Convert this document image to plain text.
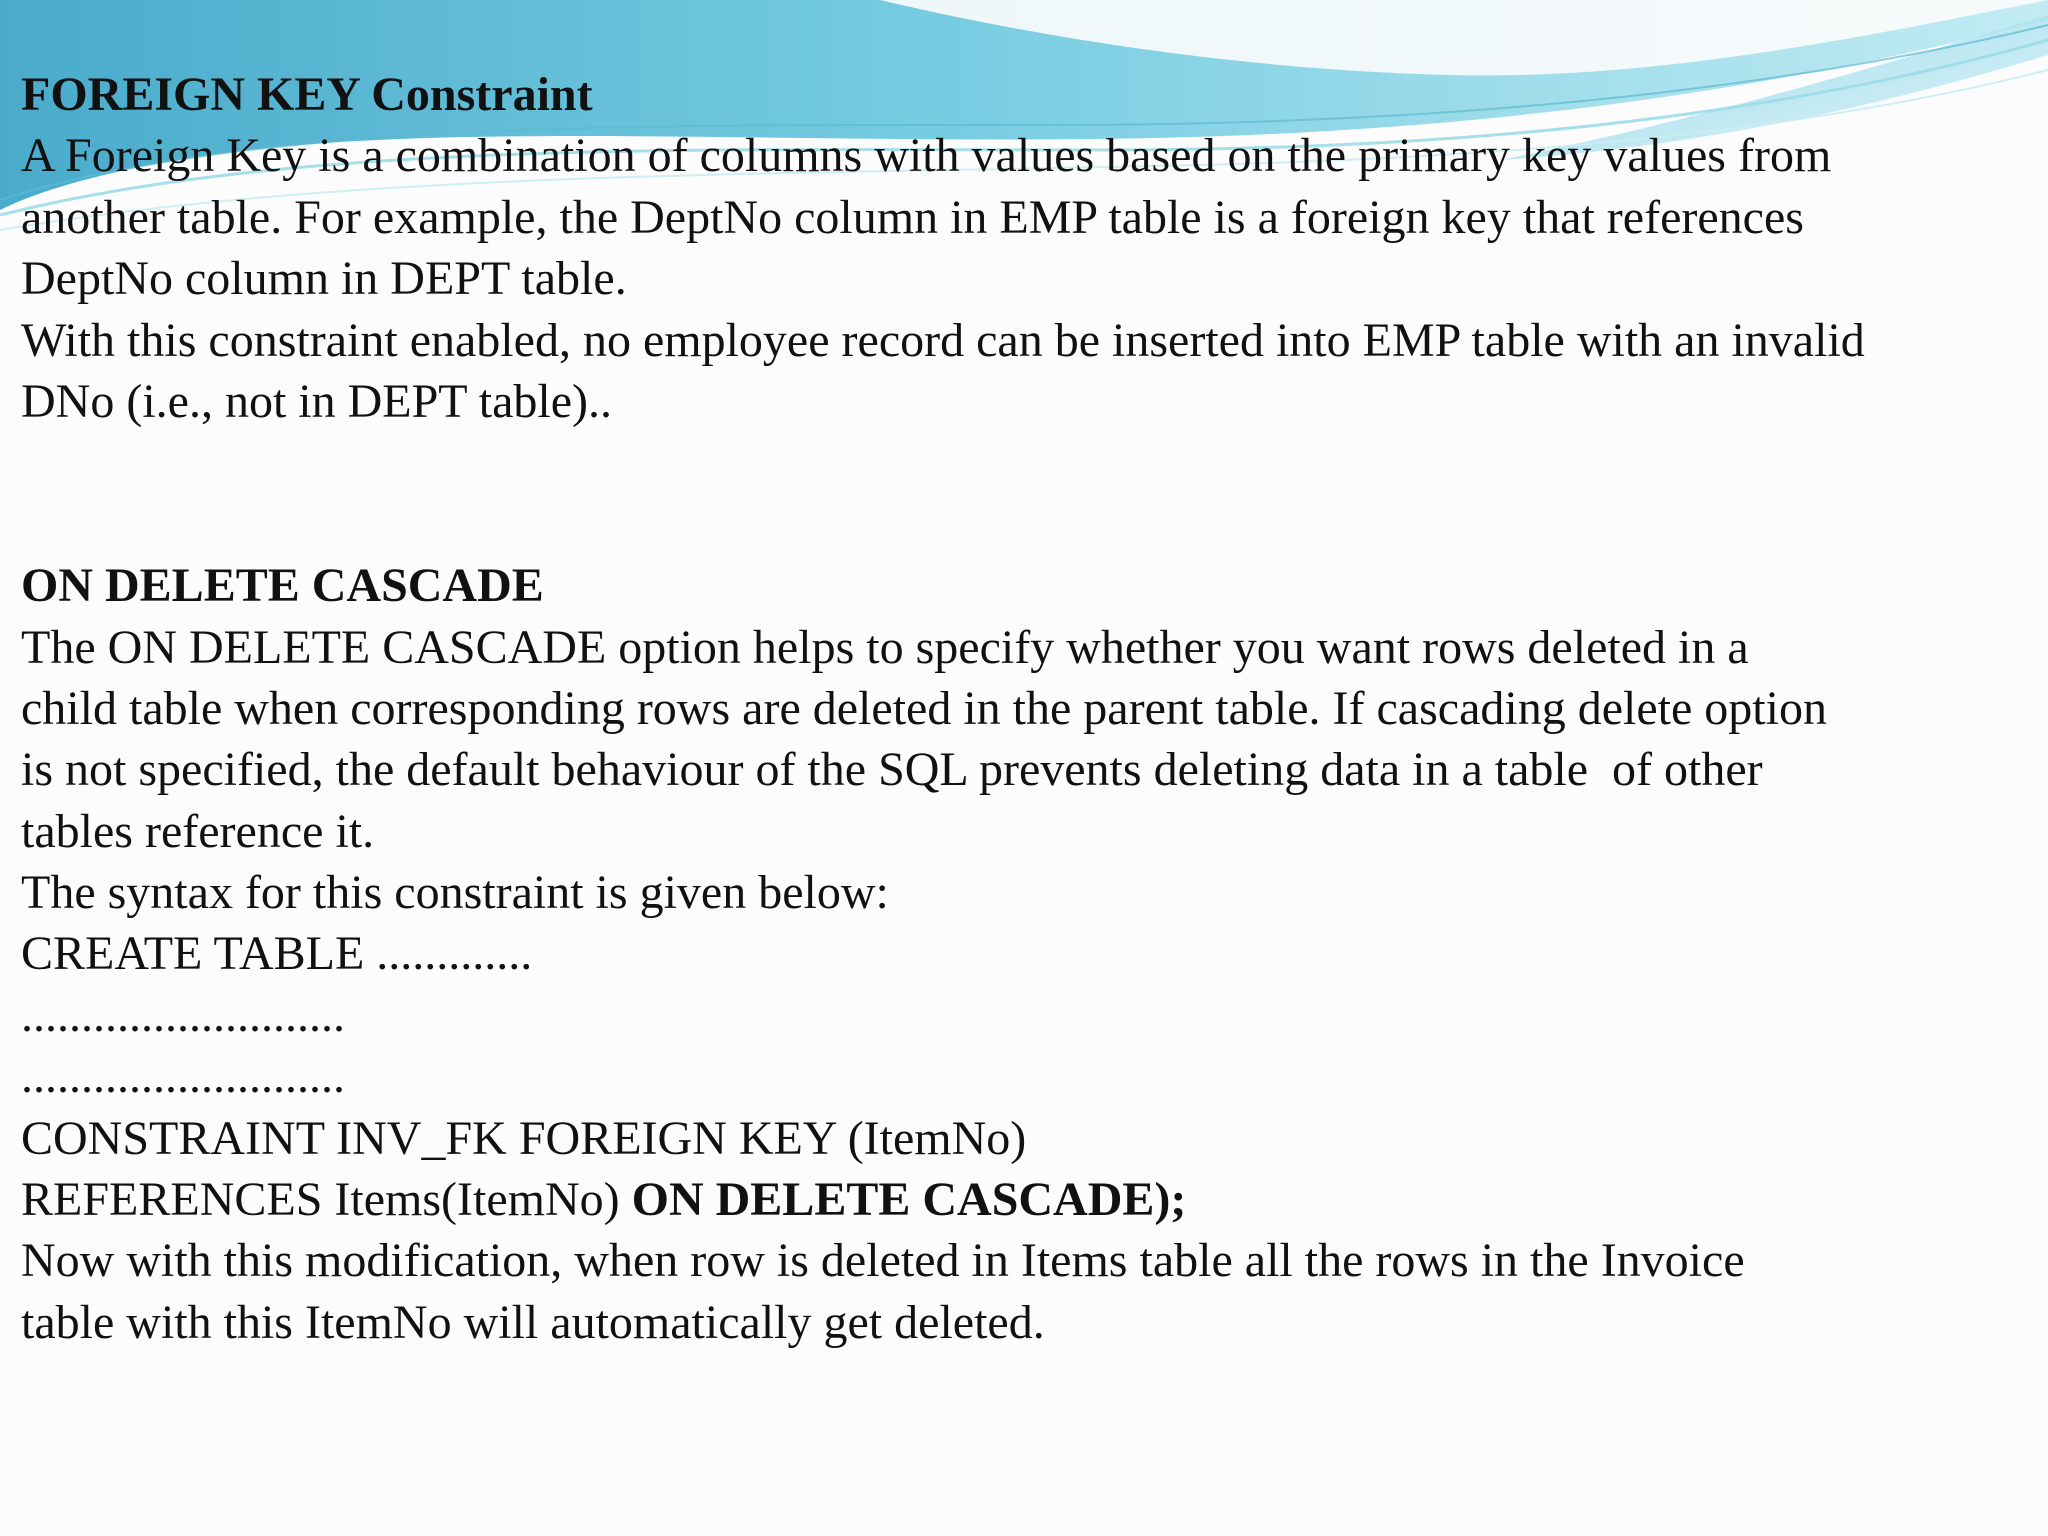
FOREIGN KEY Constraint
A Foreign Key is a combination of columns with values based on the primary key values from
another table. For example, the DeptNo column in EMP table is a foreign key that references
DeptNo column in DEPT table.
With this constraint enabled, no employee record can be inserted into EMP table with an invalid
DNo (i.e., not in DEPT table)..
ON DELETE CASCADE
The ON DELETE CASCADE option helps to specify whether you want rows deleted in a
child table when corresponding rows are deleted in the parent table. If cascading delete option
is not specified, the default behaviour of the SQL prevents deleting data in a table  of other
tables reference it.
The syntax for this constraint is given below:
CREATE TABLE .............
...........................
...........................
CONSTRAINT INV_FK FOREIGN KEY (ItemNo)
REFERENCES Items(ItemNo) ON DELETE CASCADE);
Now with this modification, when row is deleted in Items table all the rows in the Invoice
table with this ItemNo will automatically get deleted.
